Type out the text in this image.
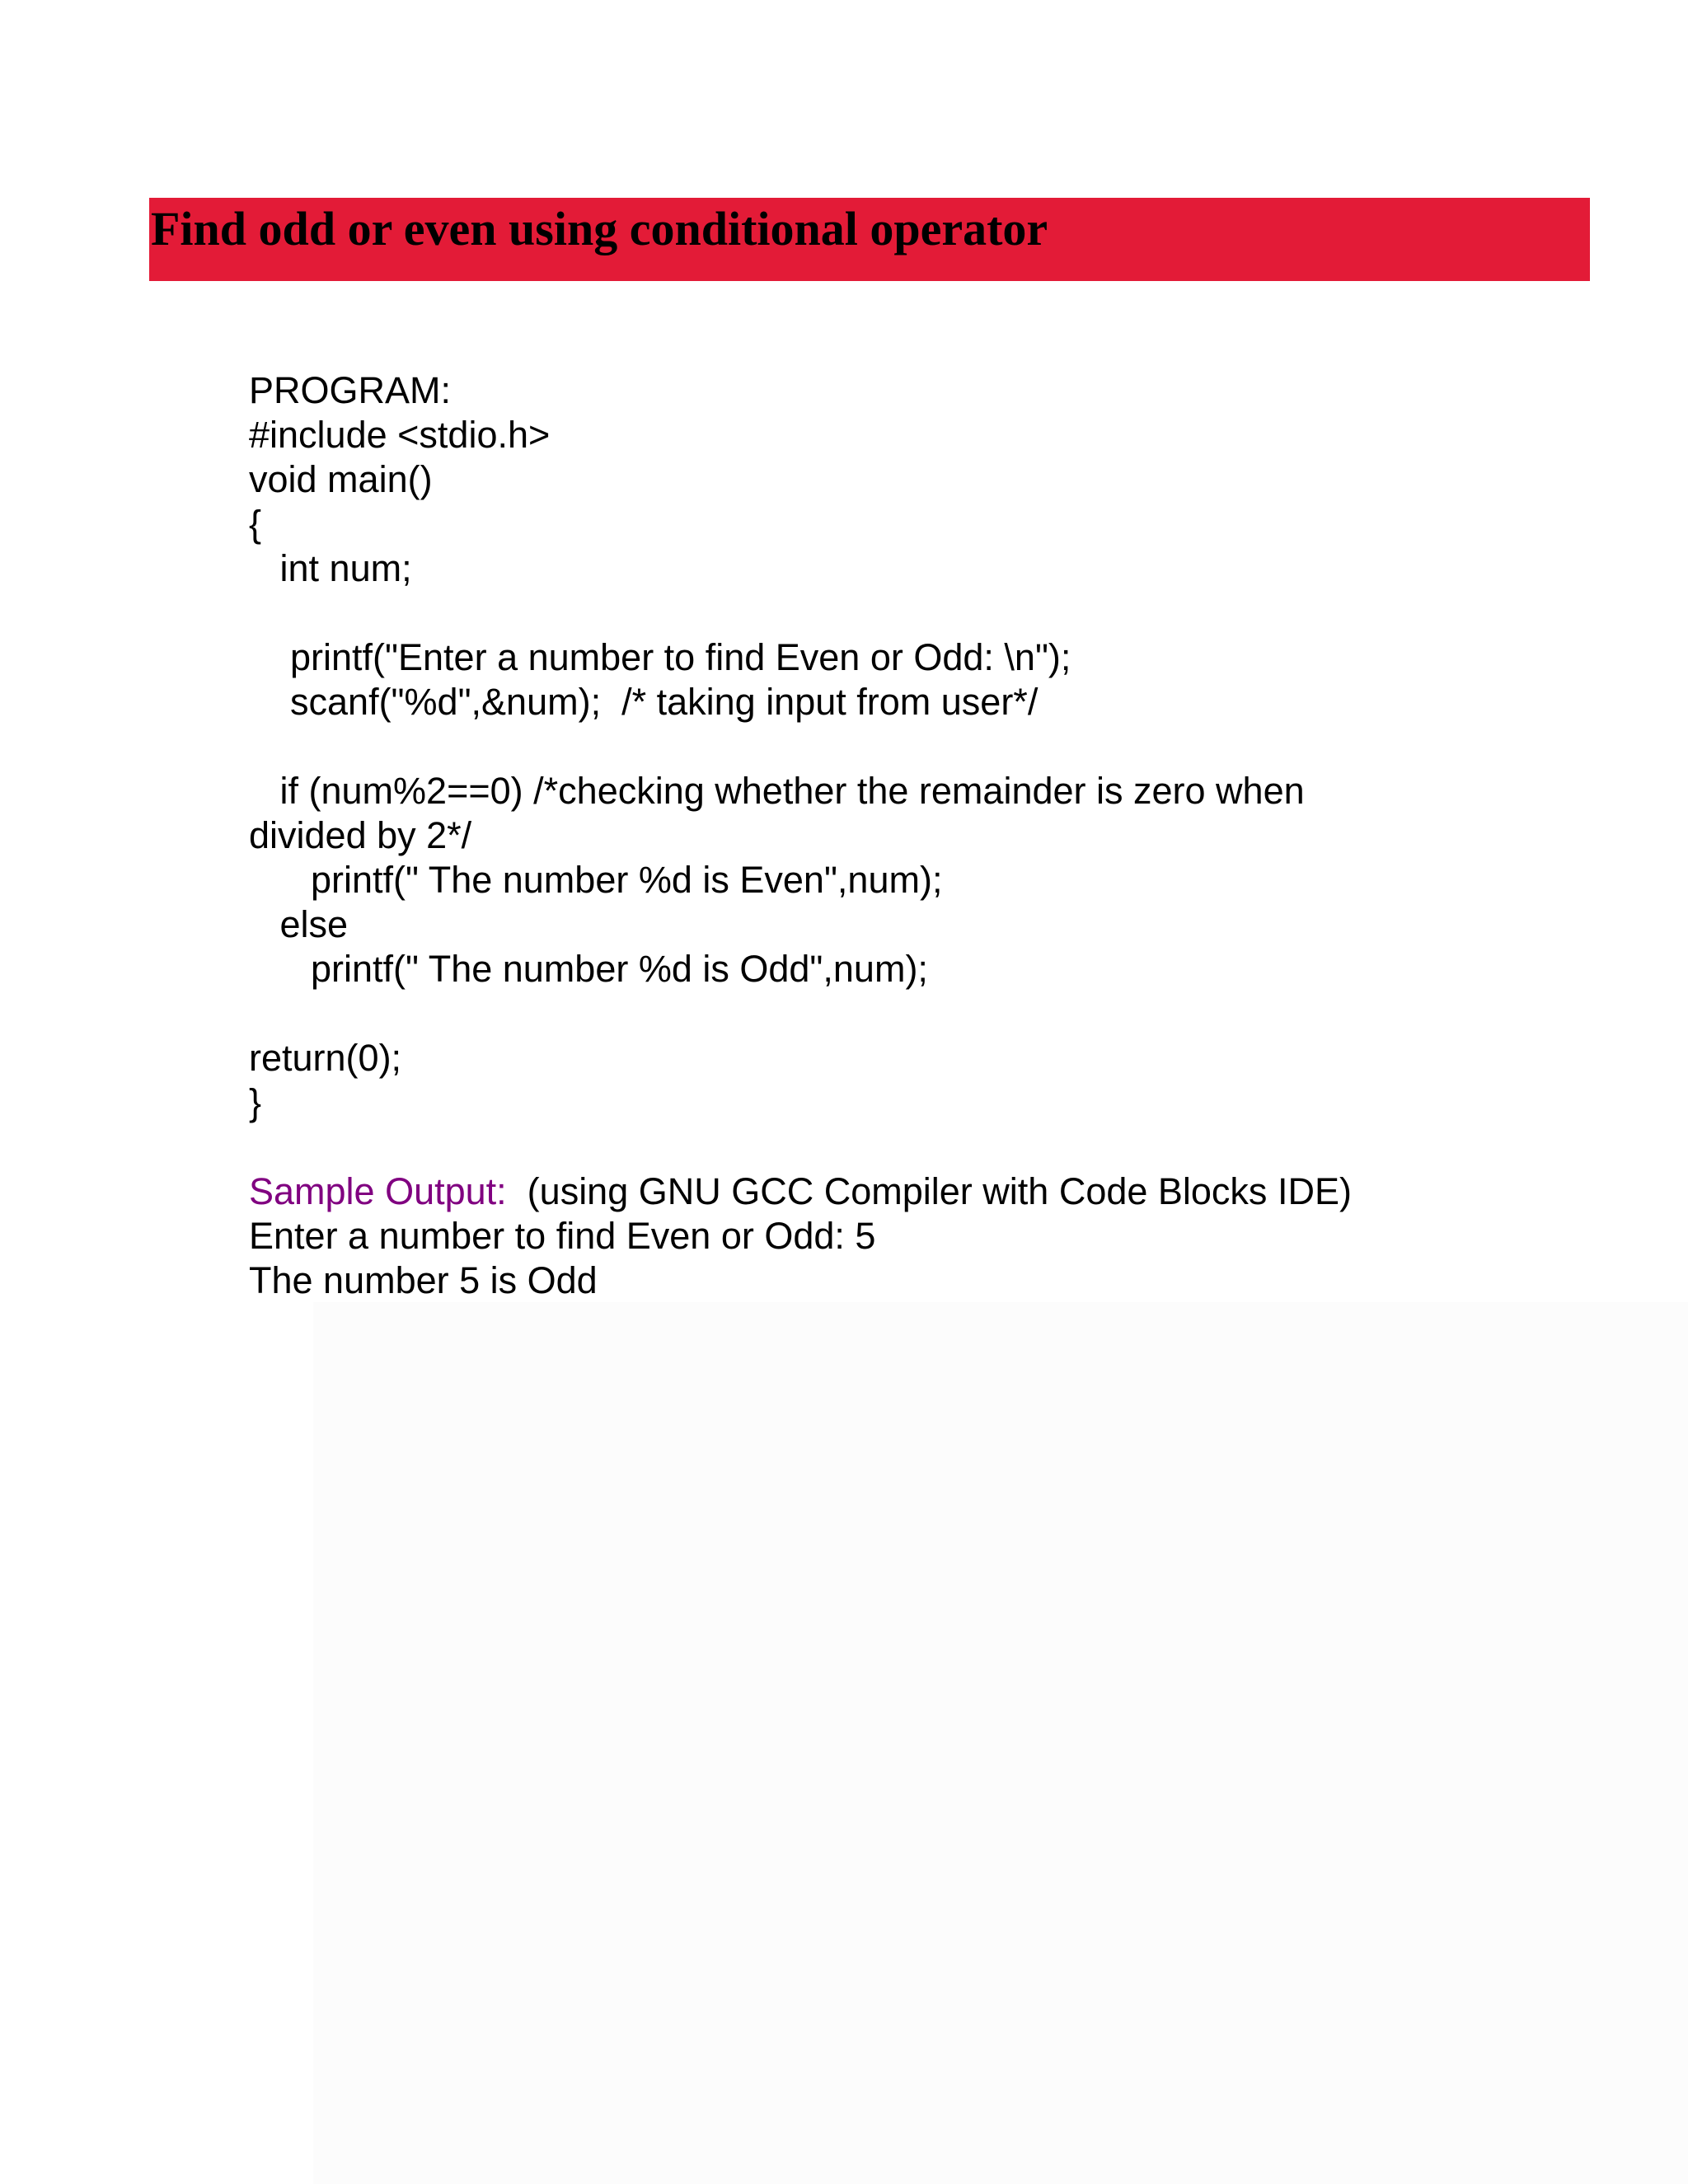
Find odd or even using conditional operator
PROGRAM:
#include <stdio.h>
void main()
{
int num;
printf("Enter a number to find Even or Odd: \n");
scanf("%d",&num);  /* taking input from user*/
if (num%2==0) /*checking whether the remainder is zero when
divided by 2*/
printf(" The number %d is Even",num);
else
printf(" The number %d is Odd",num);
return(0);
}
Sample Output:  (using GNU GCC Compiler with Code Blocks IDE)
Enter a number to find Even or Odd: 5
The number 5 is Odd
